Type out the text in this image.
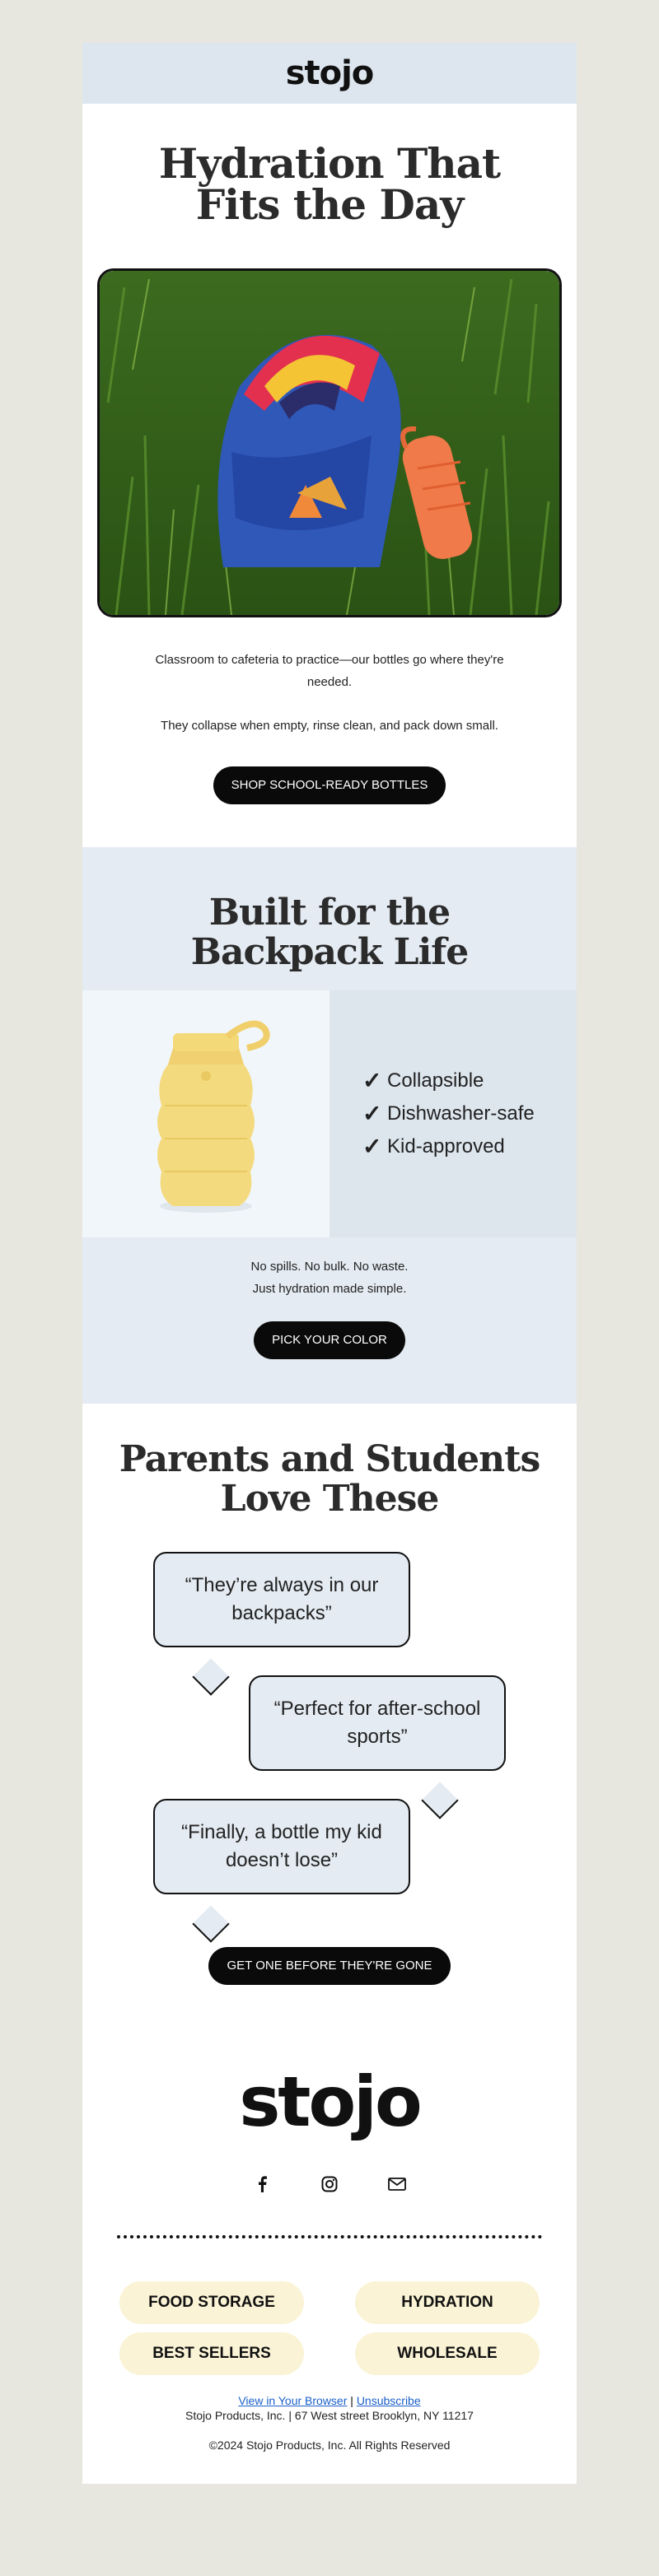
stojo
Hydration That
Fits the Day

Classroom to cafeteria to practice—our bottles go where they're needed.

They collapse when empty, rinse clean, and pack down small.

SHOP SCHOOL-READY BOTTLES
Built for the
Backpack Life
✓ Collapsible
✓ Dishwasher-safe
✓ Kid-approved
No spills. No bulk. No waste.
Just hydration made simple.
PICK YOUR COLOR
Parents and Students
Love These
“They’re always in our backpacks”
“Perfect for after-school sports”
“Finally, a bottle my kid doesn’t lose”
GET ONE BEFORE THEY'RE GONE
stojo
FOOD STORAGE	HYDRATION
BEST SELLERS	WHOLESALE
View in Your Browser | Unsubscribe
Stojo Products, Inc. | 67 West street Brooklyn, NY 11217
©2024 Stojo Products, Inc. All Rights Reserved
